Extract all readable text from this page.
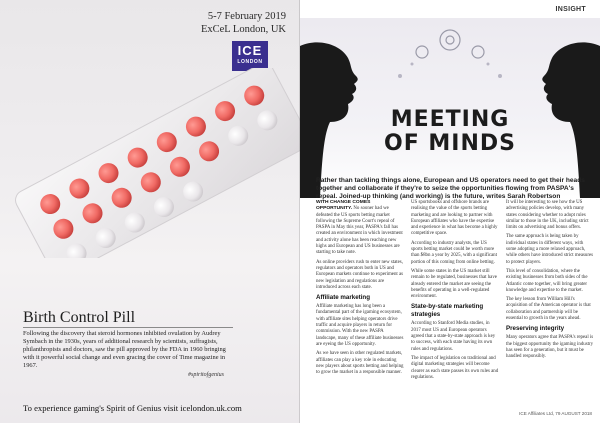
5-7 February 2019
ExCeL London, UK
ICE
LONDON
Birth Control Pill
Following the discovery that steroid hormones inhibited ovulation by Audrey Symbach in the 1930s, years of additional research by scientists, suffragists, philanthropists and doctors, saw the pill approved by the FDA in 1960 bringing with it powerful social change and even gracing the cover of Time magazine in 1967.
#spiritofgenius
To experience gaming's Spirit of Genius visit icelondon.uk.com
INSIGHT
MEETING
OF MINDS
Rather than tackling things alone, European and US operators need to get their heads together and collaborate if they're to seize the opportunities flowing from PASPA's repeal. Joined-up thinking (and working) is the future, writes Sarah Robertson

WITH CHANGE COMES OPPORTUNITY. No sooner had we defeated the US sports betting market following the Supreme Court's repeal of PASPA in May this year, PASPA's fall has created an environment in which investment and activity alone has been reaching new highs and European and US businesses are starting to take note.

As online providers rush to enter new states, regulators and operators both in US and European markets continue to experiment as new legislation and regulations are introduced across each state.

Affiliate marketing

Affiliate marketing has long been a fundamental part of the igaming ecosystem, with affiliate sites helping operators drive traffic and acquire players in return for commission. With the new PASPA landscape, many of these affiliate businesses are eyeing the US opportunity.

As we have seen in other regulated markets, affiliates can play a key role in educating new players about sports betting and helping to grow the market in a responsible manner.

US sportsbooks and offshore brands are realising the value of the sports betting marketing and are looking to partner with European affiliates who have the expertise and experience in what has become a highly competitive space.

According to industry analysts, the US sports betting market could be worth more than $8bn a year by 2025, with a significant portion of this coming from online betting.

While some states in the US market still remain to be regulated, businesses that have already entered the market are seeing the benefits of operating in a well-regulated environment.

State-by-state marketing strategies

According to Stanford Media studies, in 2017 most US and European operators agreed that a state-by-state approach is key to success, with each state having its own rules and regulations.

The impact of legislation on traditional and digital marketing strategies will become clearer as each state passes its own rules and regulations.

It will be interesting to see how the US advertising policies develop, with many states considering whether to adopt rules similar to those in the UK, including strict limits on advertising and bonus offers.

The same approach is being taken by individual states in different ways, with some adopting a more relaxed approach, while others have introduced strict measures to protect players.

This level of consolidation, where the existing businesses from both sides of the Atlantic come together, will bring greater knowledge and expertise to the market.

The key lesson from William Hill's acquisition of the American operator is that collaboration and partnership will be essential to growth in the years ahead.

Preserving integrity

Many operators agree that PASPA's repeal is the biggest opportunity the igaming industry has seen for a generation, but it must be handled responsibly.

ICE Affiliates Ltd, 79 AUGUST 2018
